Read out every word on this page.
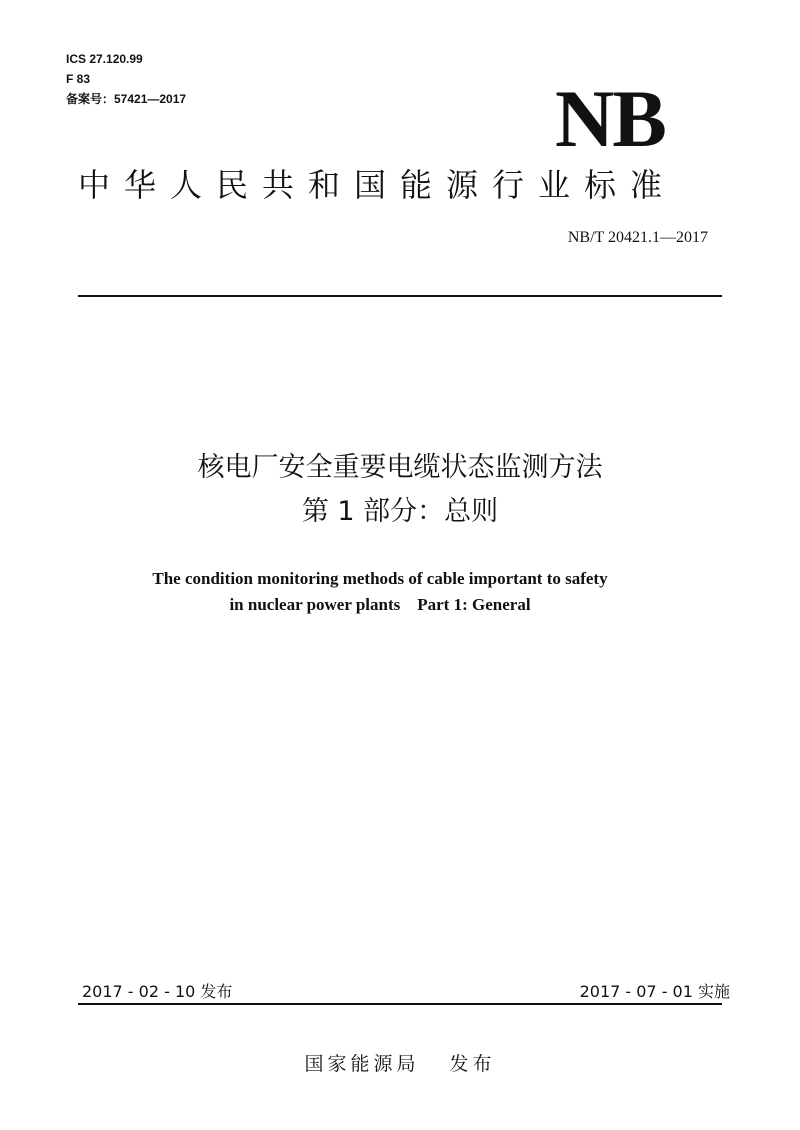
ICS 27.120.99
F 83
备案号：57421—2017	NB
中华人民共和国能源行业标准
NB/T 20421.1—2017
核电厂安全重要电缆状态监测方法
第 1 部分：总则
The condition monitoring methods of cable important to safety
in nuclear power plants    Part 1: General
2017 - 02 - 10 发布	2017 - 07 - 01 实施
国家能源局 发布
